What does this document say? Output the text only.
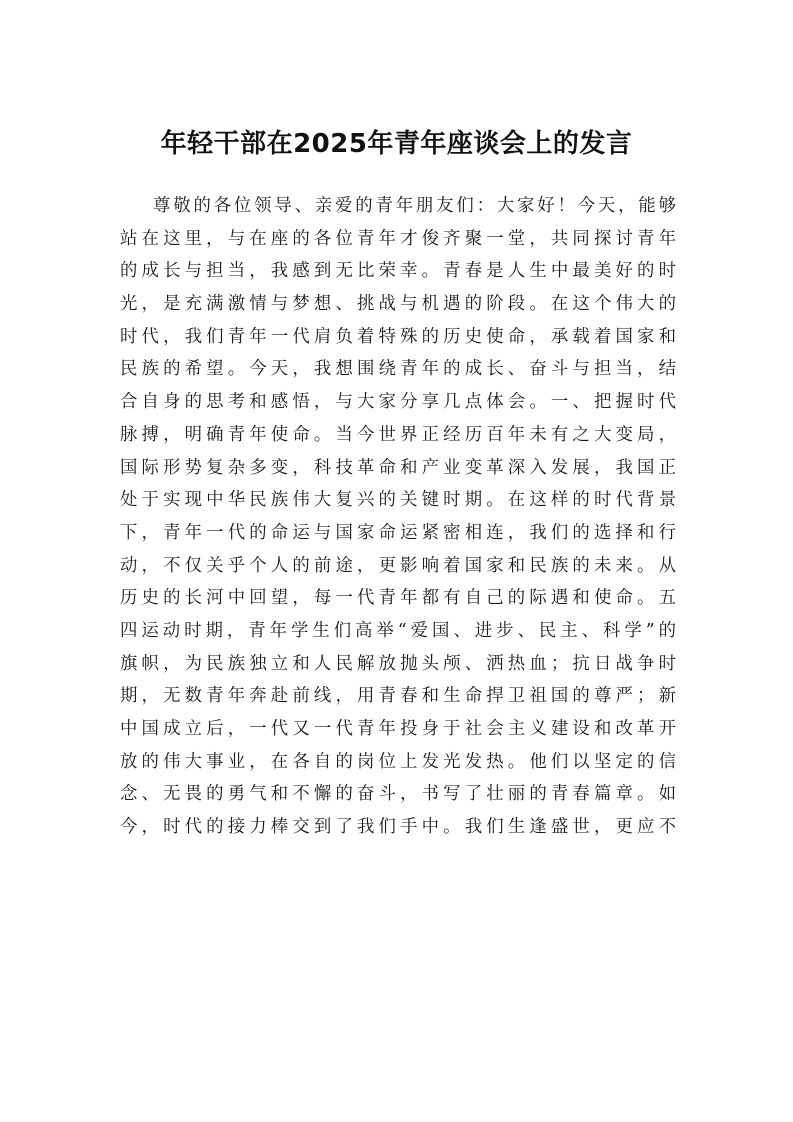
年轻干部在2025年青年座谈会上的发言
尊敬的各位领导、亲爱的青年朋友们：大家好！今天，能够
站在这里，与在座的各位青年才俊齐聚一堂，共同探讨青年
的成长与担当，我感到无比荣幸。青春是人生中最美好的时
光，是充满激情与梦想、挑战与机遇的阶段。在这个伟大的
时代，我们青年一代肩负着特殊的历史使命，承载着国家和
民族的希望。今天，我想围绕青年的成长、奋斗与担当，结
合自身的思考和感悟，与大家分享几点体会。一、把握时代
脉搏，明确青年使命。当今世界正经历百年未有之大变局，
国际形势复杂多变，科技革命和产业变革深入发展，我国正
处于实现中华民族伟大复兴的关键时期。在这样的时代背景
下，青年一代的命运与国家命运紧密相连，我们的选择和行
动，不仅关乎个人的前途，更影响着国家和民族的未来。从
历史的长河中回望，每一代青年都有自己的际遇和使命。五
四运动时期，青年学生们高举“爱国、进步、民主、科学”的
旗帜，为民族独立和人民解放抛头颅、洒热血；抗日战争时
期，无数青年奔赴前线，用青春和生命捍卫祖国的尊严；新
中国成立后，一代又一代青年投身于社会主义建设和改革开
放的伟大事业，在各自的岗位上发光发热。他们以坚定的信
念、无畏的勇气和不懈的奋斗，书写了壮丽的青春篇章。如
今，时代的接力棒交到了我们手中。我们生逢盛世，更应不
